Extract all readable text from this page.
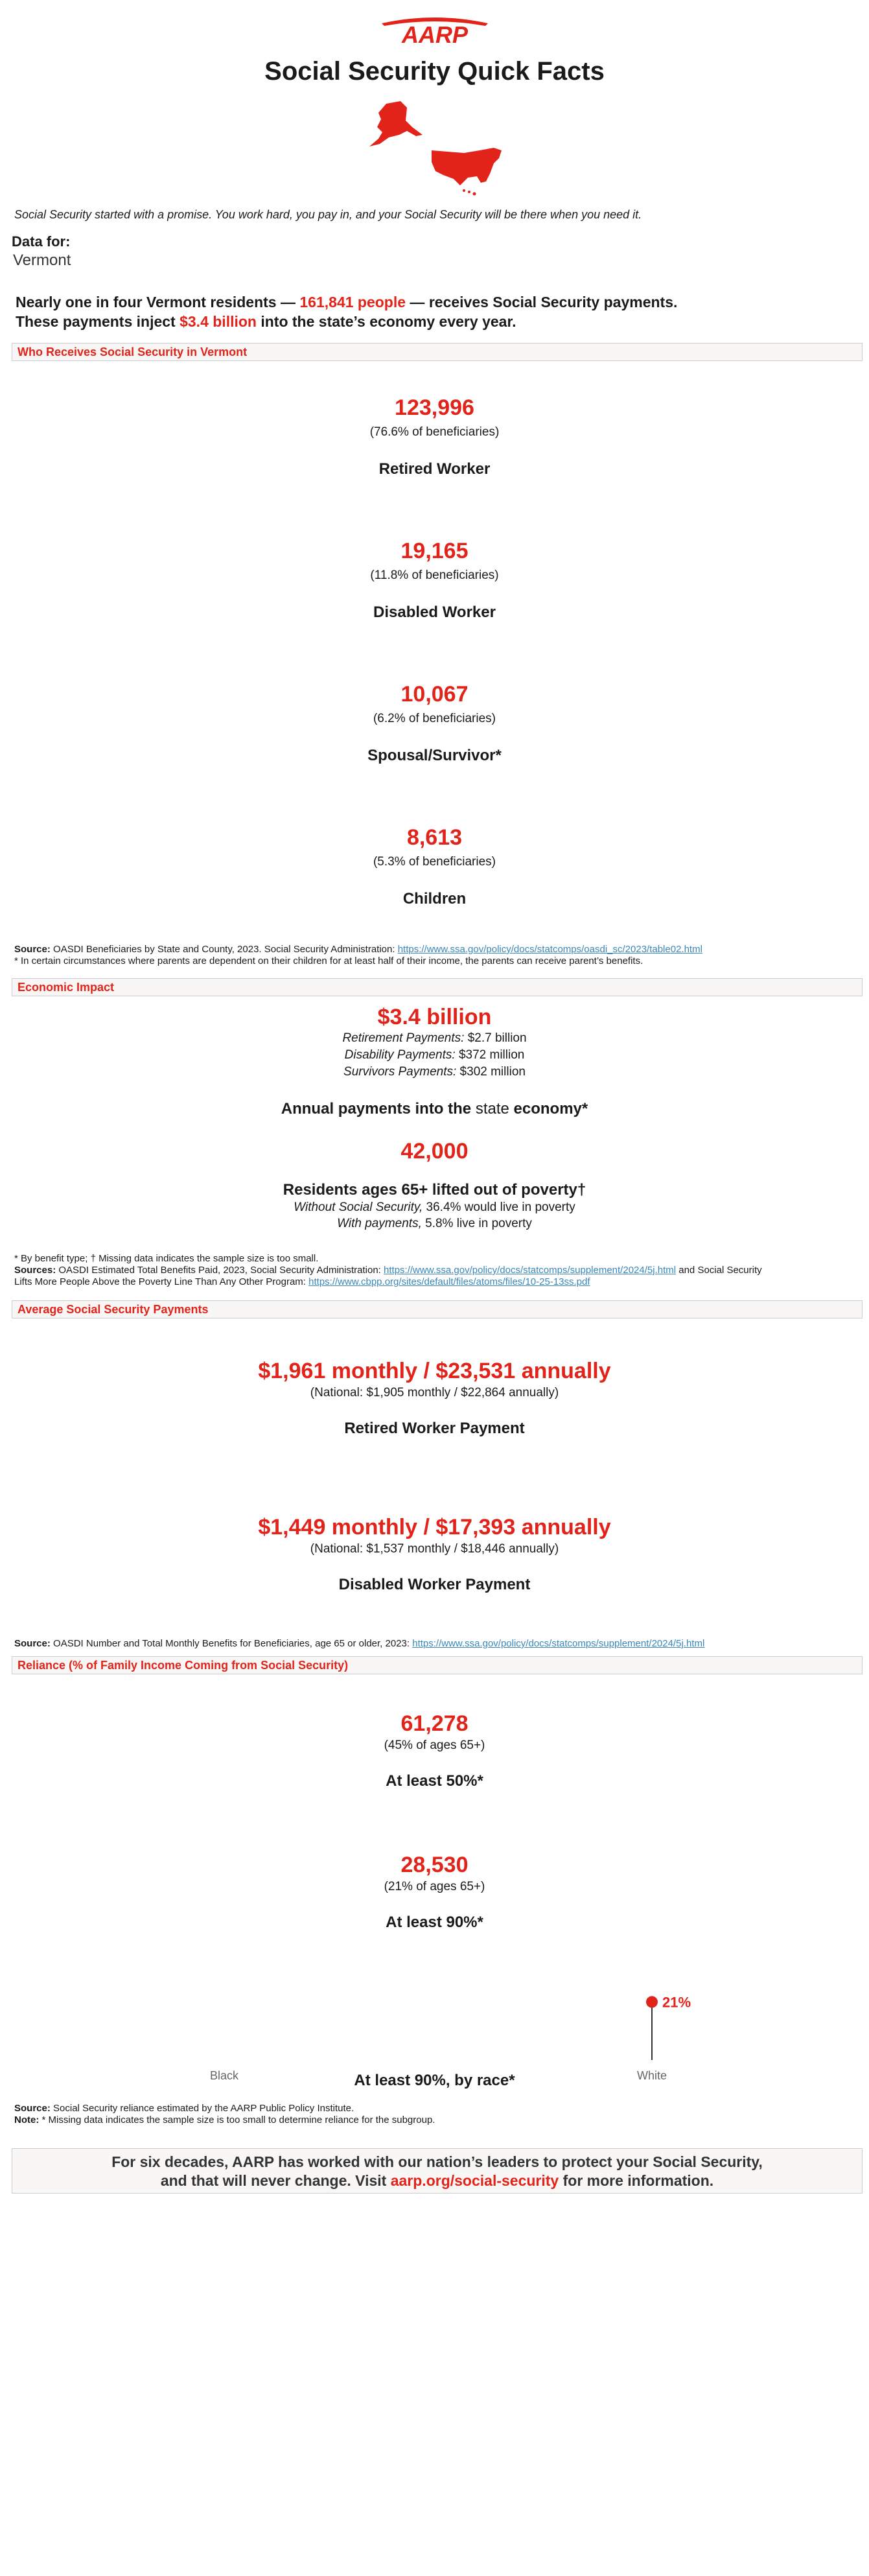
AARP
Social Security Quick Facts
Social Security started with a promise. You work hard, you pay in, and your Social Security will be there when you need it.
Data for:
Vermont
Nearly one in four Vermont residents — 161,841 people — receives Social Security payments.
These payments inject $3.4 billion into the state’s economy every year.
Who Receives Social Security in Vermont
123,996
(76.6% of beneficiaries)
Retired Worker
19,165
(11.8% of beneficiaries)
Disabled Worker
10,067
(6.2% of beneficiaries)
Spousal/Survivor*
8,613
(5.3% of beneficiaries)
Children
Source: OASDI Beneficiaries by State and County, 2023. Social Security Administration: https://www.ssa.gov/policy/docs/statcomps/oasdi_sc/2023/table02.html
* In certain circumstances where parents are dependent on their children for at least half of their income, the parents can receive parent’s benefits.
Economic Impact
$3.4 billion
Retirement Payments: $2.7 billion
Disability Payments: $372 million
Survivors Payments: $302 million
Annual payments into the state economy*
42,000
Residents ages 65+ lifted out of poverty†
Without Social Security, 36.4% would live in poverty
With payments, 5.8% live in poverty
* By benefit type; † Missing data indicates the sample size is too small.
Sources: OASDI Estimated Total Benefits Paid, 2023, Social Security Administration: https://www.ssa.gov/policy/docs/statcomps/supplement/2024/5j.html and Social Security
Lifts More People Above the Poverty Line Than Any Other Program: https://www.cbpp.org/sites/default/files/atoms/files/10-25-13ss.pdf
Average Social Security Payments
$1,961 monthly / $23,531 annually
(National: $1,905 monthly / $22,864 annually)
Retired Worker Payment
$1,449 monthly / $17,393 annually
(National: $1,537 monthly / $18,446 annually)
Disabled Worker Payment
Source: OASDI Number and Total Monthly Benefits for Beneficiaries, age 65 or older, 2023: https://www.ssa.gov/policy/docs/statcomps/supplement/2024/5j.html
Reliance (% of Family Income Coming from Social Security)
61,278
(45% of ages 65+)
At least 50%*
28,530
(21% of ages 65+)
At least 90%*
Black	White
21%
At least 90%, by race*
Source: Social Security reliance estimated by the AARP Public Policy Institute.
Note: * Missing data indicates the sample size is too small to determine reliance for the subgroup.
For six decades, AARP has worked with our nation’s leaders to protect your Social Security,
and that will never change. Visit aarp.org/social-security for more information.
